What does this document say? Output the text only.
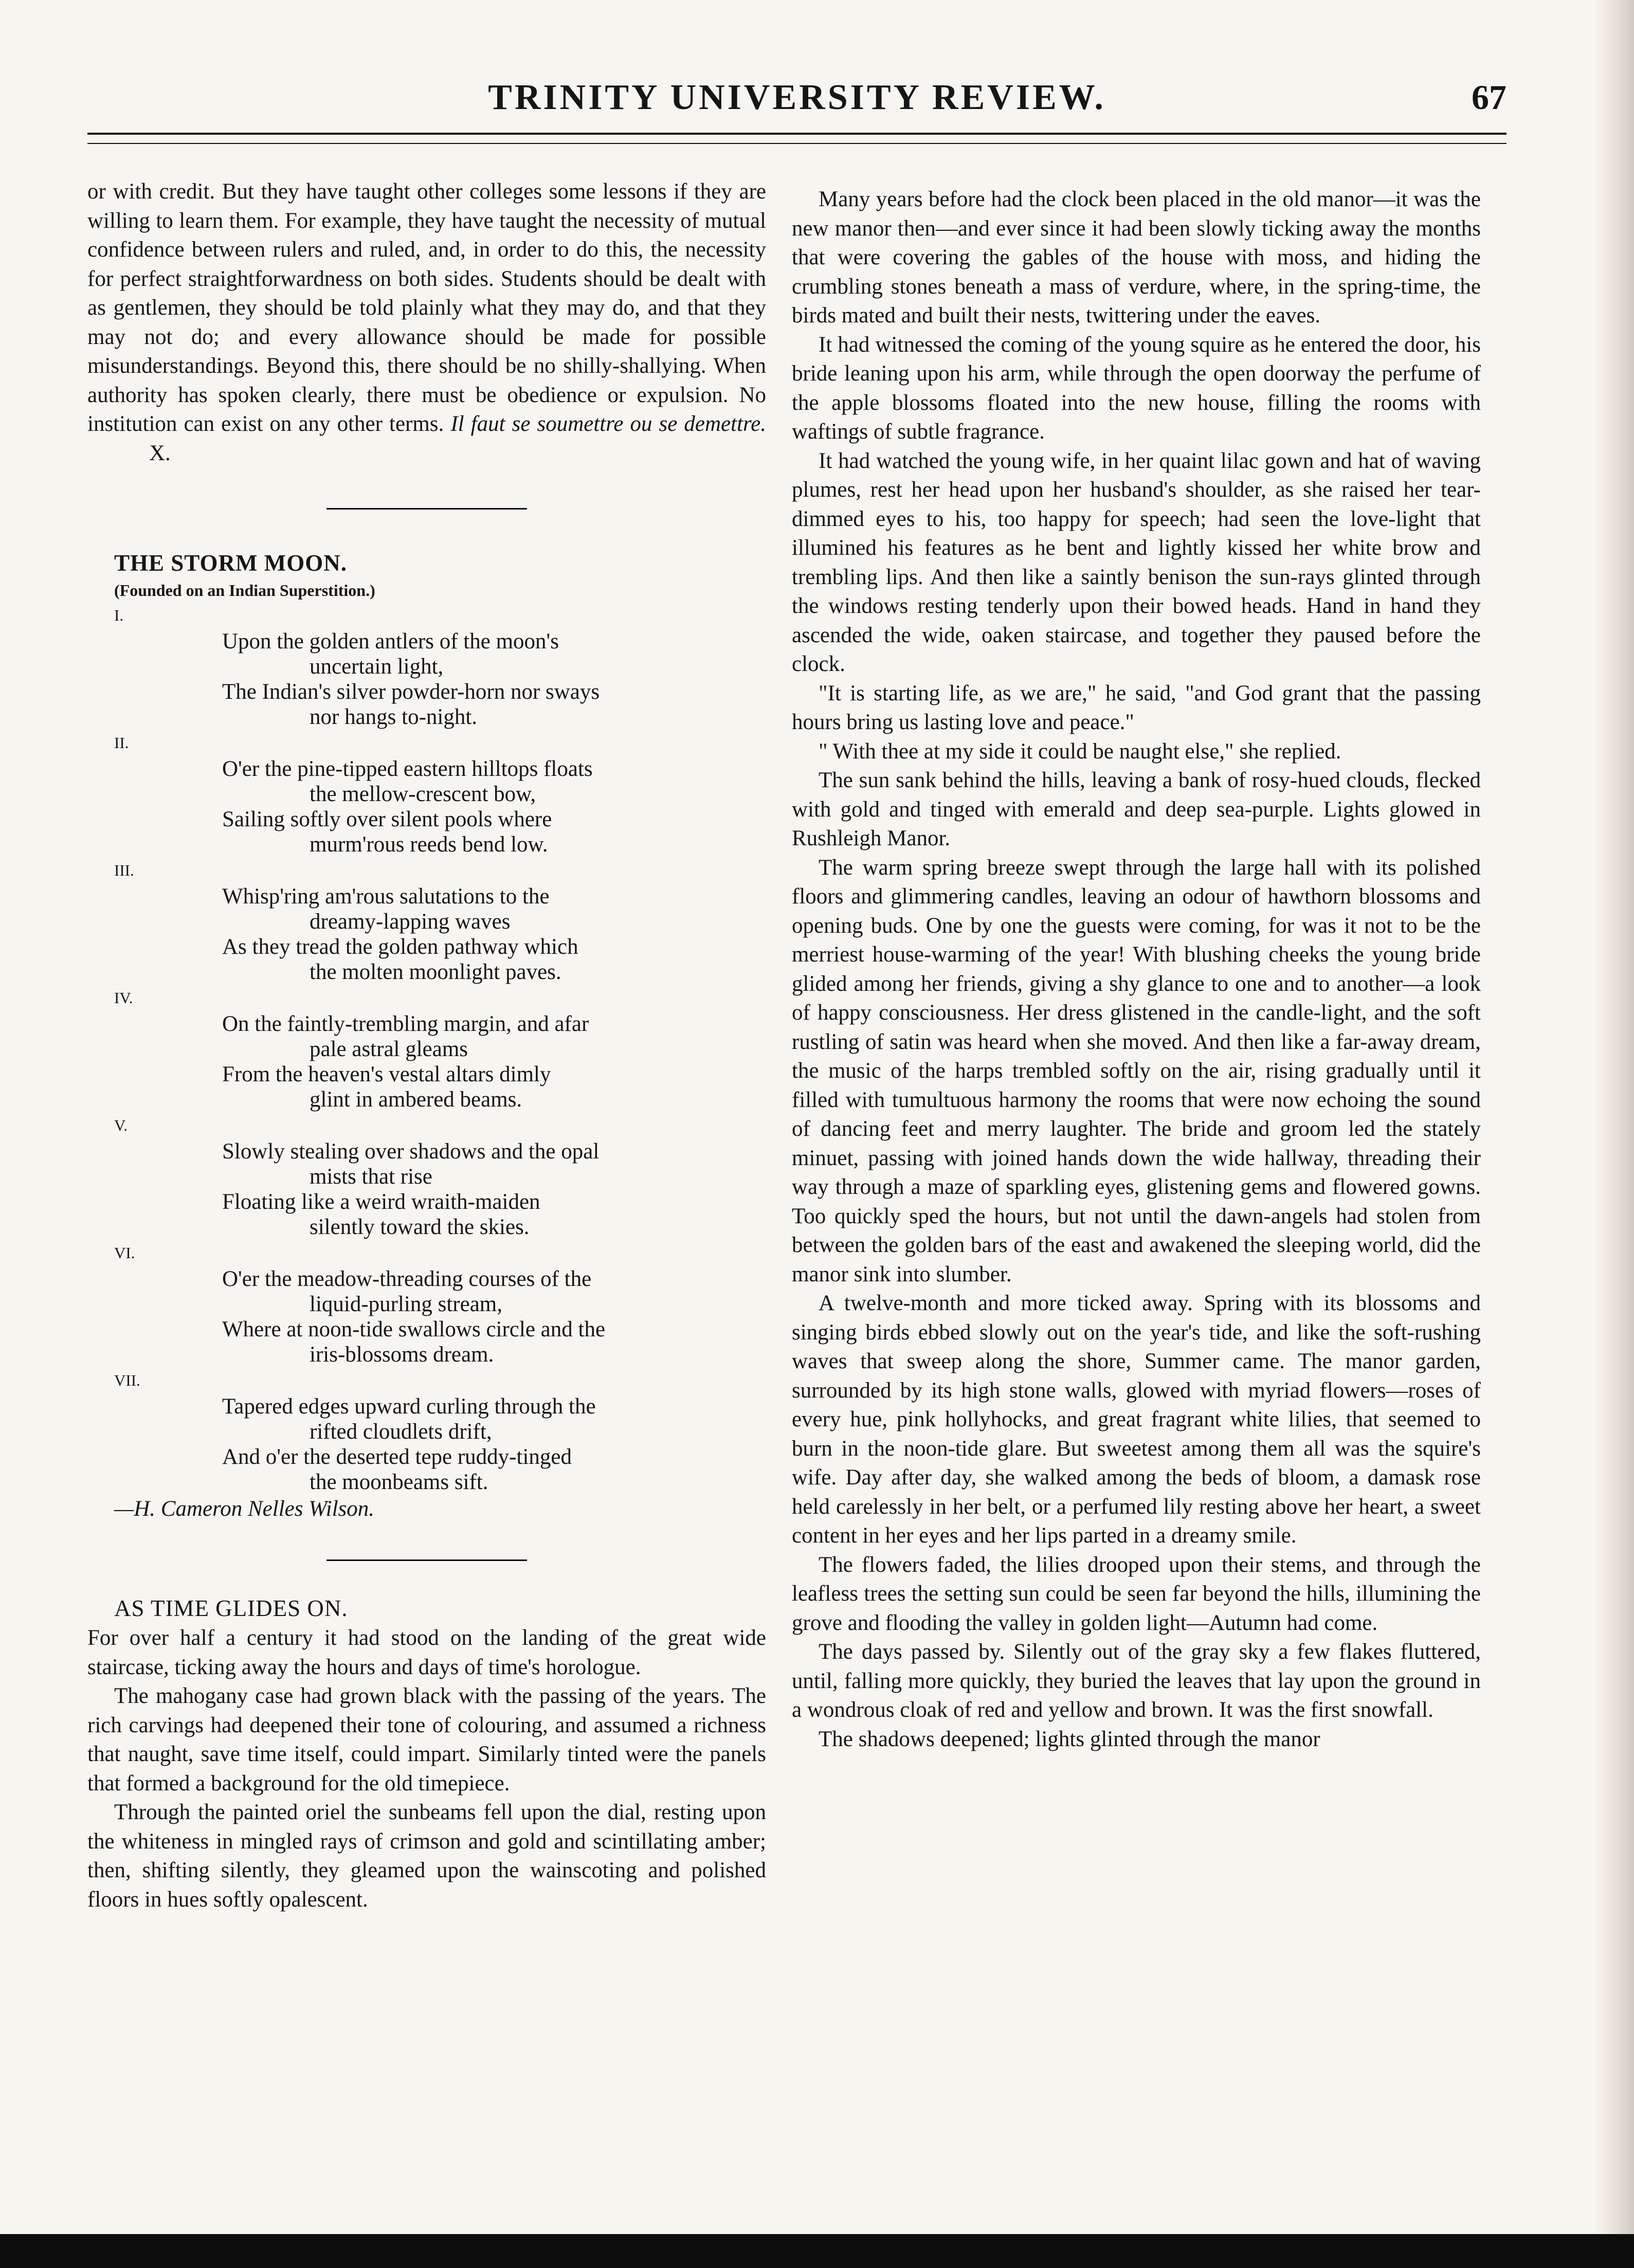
TRINITY UNIVERSITY REVIEW.	67

or with credit. But they have taught other colleges some lessons if they are willing to learn them. For example, they have taught the necessity of mutual confidence between rulers and ruled, and, in order to do this, the necessity for perfect straightforwardness on both sides. Students should be dealt with as gentlemen, they should be told plainly what they may do, and that they may not do; and every allowance should be made for possible misunderstandings. Beyond this, there should be no shilly-shallying. When authority has spoken clearly, there must be obedience or expulsion. No institution can exist on any other terms. Il faut se soumettre ou se demettre.X.

THE STORM MOON.

(Founded on an Indian Superstition.)

I.

Upon the golden antlers of the moon's

uncertain light,

The Indian's silver powder-horn nor sways

nor hangs to-night.

II.

O'er the pine-tipped eastern hilltops floats

the mellow-crescent bow,

Sailing softly over silent pools where

murm'rous reeds bend low.

III.

Whisp'ring am'rous salutations to the

dreamy-lapping waves

As they tread the golden pathway which

the molten moonlight paves.

IV.

On the faintly-trembling margin, and afar

pale astral gleams

From the heaven's vestal altars dimly

glint in ambered beams.

V.

Slowly stealing over shadows and the opal

mists that rise

Floating like a weird wraith-maiden

silently toward the skies.

VI.

O'er the meadow-threading courses of the

liquid-purling stream,

Where at noon-tide swallows circle and the

iris-blossoms dream.

VII.

Tapered edges upward curling through the

rifted cloudlets drift,

And o'er the deserted tepe ruddy-tinged

the moonbeams sift.

—H. Cameron Nelles Wilson.

AS TIME GLIDES ON.

For over half a century it had stood on the landing of the great wide staircase, ticking away the hours and days of time's horologue.

The mahogany case had grown black with the passing of the years. The rich carvings had deepened their tone of colouring, and assumed a richness that naught, save time itself, could impart. Similarly tinted were the panels that formed a background for the old timepiece.

Through the painted oriel the sunbeams fell upon the dial, resting upon the whiteness in mingled rays of crimson and gold and scintillating amber; then, shifting silently, they gleamed upon the wainscoting and polished floors in hues softly opalescent.

Many years before had the clock been placed in the old manor—it was the new manor then—and ever since it had been slowly ticking away the months that were covering the gables of the house with moss, and hiding the crumbling stones beneath a mass of verdure, where, in the spring-time, the birds mated and built their nests, twittering under the eaves.

It had witnessed the coming of the young squire as he entered the door, his bride leaning upon his arm, while through the open doorway the perfume of the apple blossoms floated into the new house, filling the rooms with waftings of subtle fragrance.

It had watched the young wife, in her quaint lilac gown and hat of waving plumes, rest her head upon her husband's shoulder, as she raised her tear-dimmed eyes to his, too happy for speech; had seen the love-light that illumined his features as he bent and lightly kissed her white brow and trembling lips. And then like a saintly benison the sun-rays glinted through the windows resting tenderly upon their bowed heads. Hand in hand they ascended the wide, oaken staircase, and together they paused before the clock.

"It is starting life, as we are," he said, "and God grant that the passing hours bring us lasting love and peace."

" With thee at my side it could be naught else," she replied.

The sun sank behind the hills, leaving a bank of rosy-hued clouds, flecked with gold and tinged with emerald and deep sea-purple. Lights glowed in Rushleigh Manor.

The warm spring breeze swept through the large hall with its polished floors and glimmering candles, leaving an odour of hawthorn blossoms and opening buds. One by one the guests were coming, for was it not to be the merriest house-warming of the year! With blushing cheeks the young bride glided among her friends, giving a shy glance to one and to another—a look of happy consciousness. Her dress glistened in the candle-light, and the soft rustling of satin was heard when she moved. And then like a far-away dream, the music of the harps trembled softly on the air, rising gradually until it filled with tumultuous harmony the rooms that were now echoing the sound of dancing feet and merry laughter. The bride and groom led the stately minuet, passing with joined hands down the wide hallway, threading their way through a maze of sparkling eyes, glistening gems and flowered gowns. Too quickly sped the hours, but not until the dawn-angels had stolen from between the golden bars of the east and awakened the sleeping world, did the manor sink into slumber.

A twelve-month and more ticked away. Spring with its blossoms and singing birds ebbed slowly out on the year's tide, and like the soft-rushing waves that sweep along the shore, Summer came. The manor garden, surrounded by its high stone walls, glowed with myriad flowers—roses of every hue, pink hollyhocks, and great fragrant white lilies, that seemed to burn in the noon-tide glare. But sweetest among them all was the squire's wife. Day after day, she walked among the beds of bloom, a damask rose held carelessly in her belt, or a perfumed lily resting above her heart, a sweet content in her eyes and her lips parted in a dreamy smile.

The flowers faded, the lilies drooped upon their stems, and through the leafless trees the setting sun could be seen far beyond the hills, illumining the grove and flooding the valley in golden light—Autumn had come.

The days passed by. Silently out of the gray sky a few flakes fluttered, until, falling more quickly, they buried the leaves that lay upon the ground in a wondrous cloak of red and yellow and brown. It was the first snowfall.

The shadows deepened; lights glinted through the manor
